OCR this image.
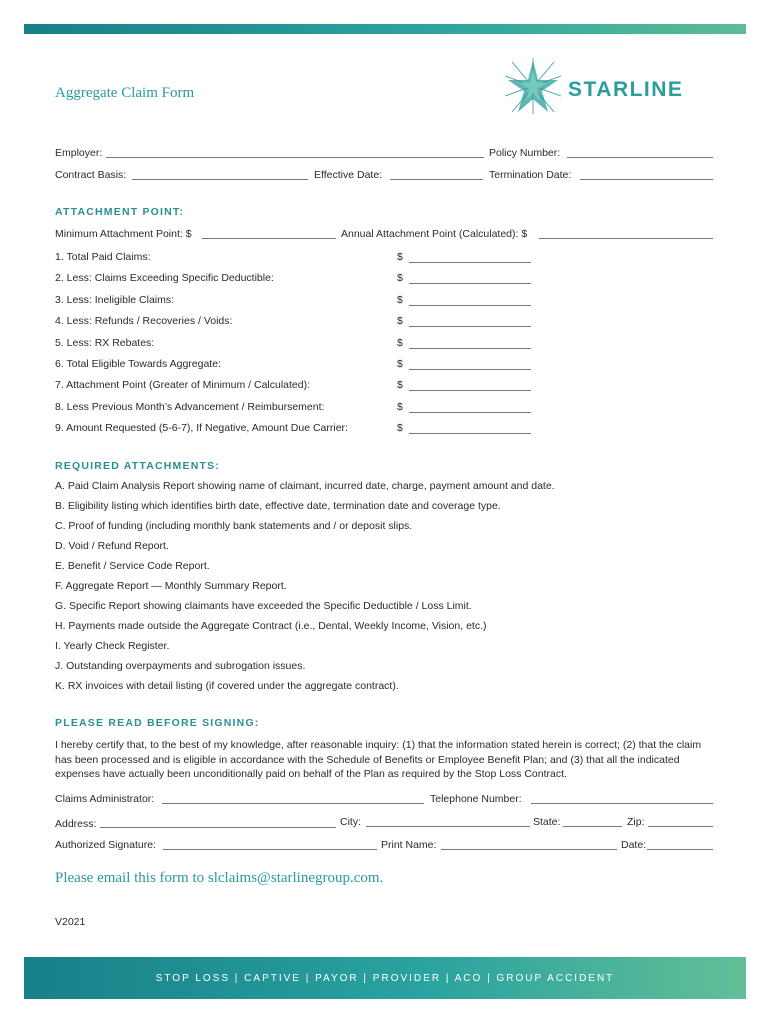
Aggregate Claim Form	STARLINE
Employer:	Policy Number:
Contract Basis:	Effective Date:	Termination Date:
ATTACHMENT POINT:
Minimum Attachment Point: $	Annual Attachment Point (Calculated): $
1. Total Paid Claims:	$
2. Less: Claims Exceeding Specific Deductible:	$
3. Less: Ineligible Claims:	$
4. Less: Refunds / Recoveries / Voids:	$
5. Less: RX Rebates:	$
6. Total Eligible Towards Aggregate:	$
7. Attachment Point (Greater of Minimum / Calculated):	$
8. Less Previous Month’s Advancement / Reimbursement:	$
9. Amount Requested (5-6-7), If Negative, Amount Due Carrier:	$
REQUIRED ATTACHMENTS:
A. Paid Claim Analysis Report showing name of claimant, incurred date, charge, payment amount and date.
B. Eligibility listing which identifies birth date, effective date, termination date and coverage type.
C. Proof of funding (including monthly bank statements and / or deposit slips.
D. Void / Refund Report.
E. Benefit / Service Code Report.
F. Aggregate Report — Monthly Summary Report.
G. Specific Report showing claimants have exceeded the Specific Deductible / Loss Limit.
H. Payments made outside the Aggregate Contract (i.e., Dental, Weekly Income, Vision, etc.)
I. Yearly Check Register.
J. Outstanding overpayments and subrogation issues.
K. RX invoices with detail listing (if covered under the aggregate contract).
PLEASE READ BEFORE SIGNING:
I hereby certify that, to the best of my knowledge, after reasonable inquiry: (1) that the information stated herein is correct; (2) that the claim has been processed and is eligible in accordance with the Schedule of Benefits or Employee Benefit Plan; and (3) that all the indicated expenses have actually been unconditionally paid on behalf of the Plan as required by the Stop Loss Contract.
Claims Administrator:	Telephone Number:
Address:	City:	State:	Zip:
Authorized Signature:	Print Name:	Date:
Please email this form to slclaims@starlinegroup.com.
V2021
STOP LOSS | CAPTIVE | PAYOR | PROVIDER | ACO | GROUP ACCIDENT
